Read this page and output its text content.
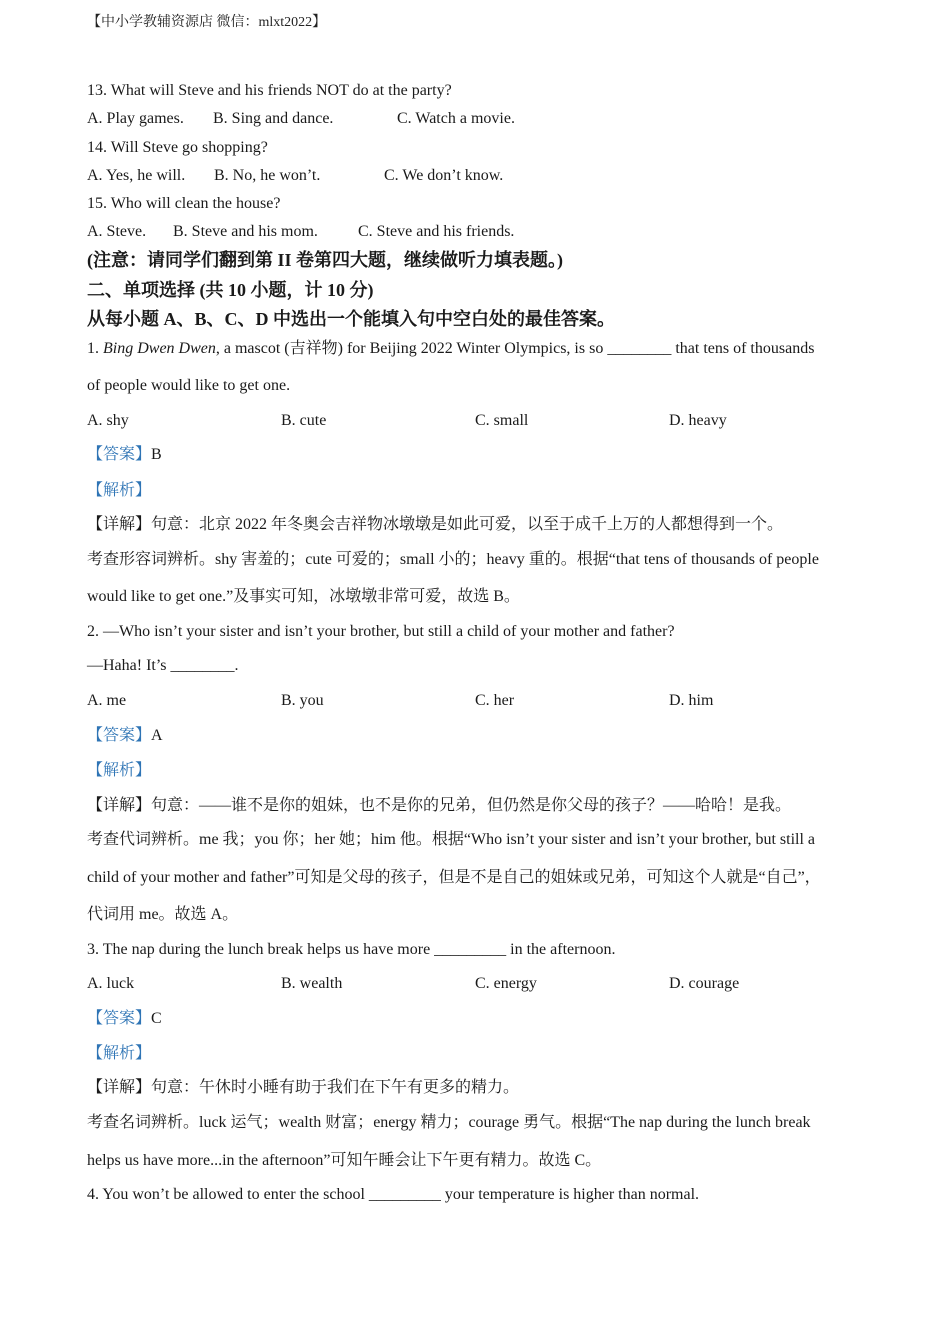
【中小学教辅资源店 微信：mlxt2022】
13. What will Steve and his friends NOT do at the party?
A. Play games. B. Sing and dance.	C. Watch a movie.
14. Will Steve go shopping?
A. Yes, he will. B. No, he won’t.	C. We don’t know.
15. Who will clean the house?
A. Steve. B. Steve and his mom.	C. Steve and his friends.
(注意：请同学们翻到第 II 卷第四大题，继续做听力填表题。)
二、单项选择 (共 10 小题，计 10 分)
从每小题 A、B、C、D 中选出一个能填入句中空白处的最佳答案。
1. Bing Dwen Dwen, a mascot (吉祥物) for Beijing 2022 Winter Olympics, is so ________ that tens of thousands
of people would like to get one.
A. shy	B. cute	C. small	D. heavy
【答案】B
【解析】
【详解】句意：北京 2022 年冬奥会吉祥物冰墩墩是如此可爱，以至于成千上万的人都想得到一个。
考查形容词辨析。shy 害羞的；cute 可爱的；small 小的；heavy 重的。根据“that tens of thousands of people
would like to get one.”及事实可知，冰墩墩非常可爱，故选 B。
2. —Who isn’t your sister and isn’t your brother, but still a child of your mother and father?
—Haha! It’s ________.
A. me	B. you	C. her	D. him
【答案】A
【解析】
【详解】句意：——谁不是你的姐妹，也不是你的兄弟，但仍然是你父母的孩子？——哈哈！是我。
考查代词辨析。me 我；you 你；her 她；him 他。根据“Who isn’t your sister and isn’t your brother, but still a
child of your mother and father”可知是父母的孩子，但是不是自己的姐妹或兄弟，可知这个人就是“自己”，
代词用 me。故选 A。
3. The nap during the lunch break helps us have more _________ in the afternoon.
A. luck	B. wealth	C. energy	D. courage
【答案】C
【解析】
【详解】句意：午休时小睡有助于我们在下午有更多的精力。
考查名词辨析。luck 运气；wealth 财富；energy 精力；courage 勇气。根据“The nap during the lunch break
helps us have more...in the afternoon”可知午睡会让下午更有精力。故选 C。
4. You won’t be allowed to enter the school _________ your temperature is higher than normal.
